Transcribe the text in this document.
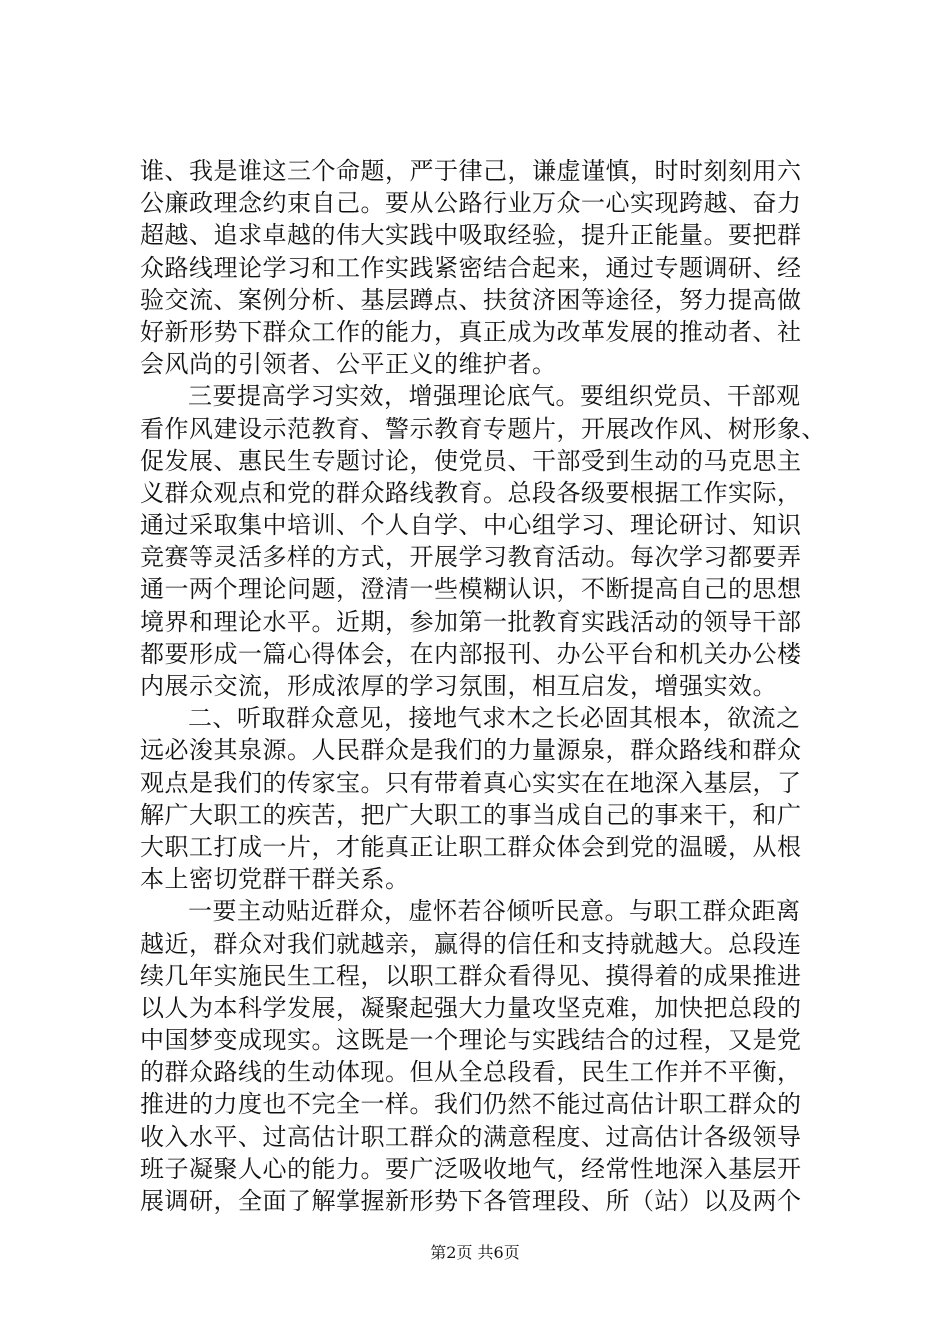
谁、我是谁这三个命题，严于律己，谦虚谨慎，时时刻刻用六
公廉政理念约束自己。要从公路行业万众一心实现跨越、奋力
超越、追求卓越的伟大实践中吸取经验，提升正能量。要把群
众路线理论学习和工作实践紧密结合起来，通过专题调研、经
验交流、案例分析、基层蹲点、扶贫济困等途径，努力提高做
好新形势下群众工作的能力，真正成为改革发展的推动者、社
会风尚的引领者、公平正义的维护者。
三要提高学习实效，增强理论底气。要组织党员、干部观
看作风建设示范教育、警示教育专题片，开展改作风、树形象、
促发展、惠民生专题讨论，使党员、干部受到生动的马克思主
义群众观点和党的群众路线教育。总段各级要根据工作实际，
通过采取集中培训、个人自学、中心组学习、理论研讨、知识
竞赛等灵活多样的方式，开展学习教育活动。每次学习都要弄
通一两个理论问题，澄清一些模糊认识，不断提高自己的思想
境界和理论水平。近期，参加第一批教育实践活动的领导干部
都要形成一篇心得体会，在内部报刊、办公平台和机关办公楼
内展示交流，形成浓厚的学习氛围，相互启发，增强实效。
二、听取群众意见，接地气求木之长必固其根本，欲流之
远必浚其泉源。人民群众是我们的力量源泉，群众路线和群众
观点是我们的传家宝。只有带着真心实实在在地深入基层，了
解广大职工的疾苦，把广大职工的事当成自己的事来干，和广
大职工打成一片，才能真正让职工群众体会到党的温暖，从根
本上密切党群干群关系。
一要主动贴近群众，虚怀若谷倾听民意。与职工群众距离
越近，群众对我们就越亲，赢得的信任和支持就越大。总段连
续几年实施民生工程，以职工群众看得见、摸得着的成果推进
以人为本科学发展，凝聚起强大力量攻坚克难，加快把总段的
中国梦变成现实。这既是一个理论与实践结合的过程，又是党
的群众路线的生动体现。但从全总段看，民生工作并不平衡，
推进的力度也不完全一样。我们仍然不能过高估计职工群众的
收入水平、过高估计职工群众的满意程度、过高估计各级领导
班子凝聚人心的能力。要广泛吸收地气，经常性地深入基层开
展调研，全面了解掌握新形势下各管理段、所（站）以及两个
第2页 共6页
